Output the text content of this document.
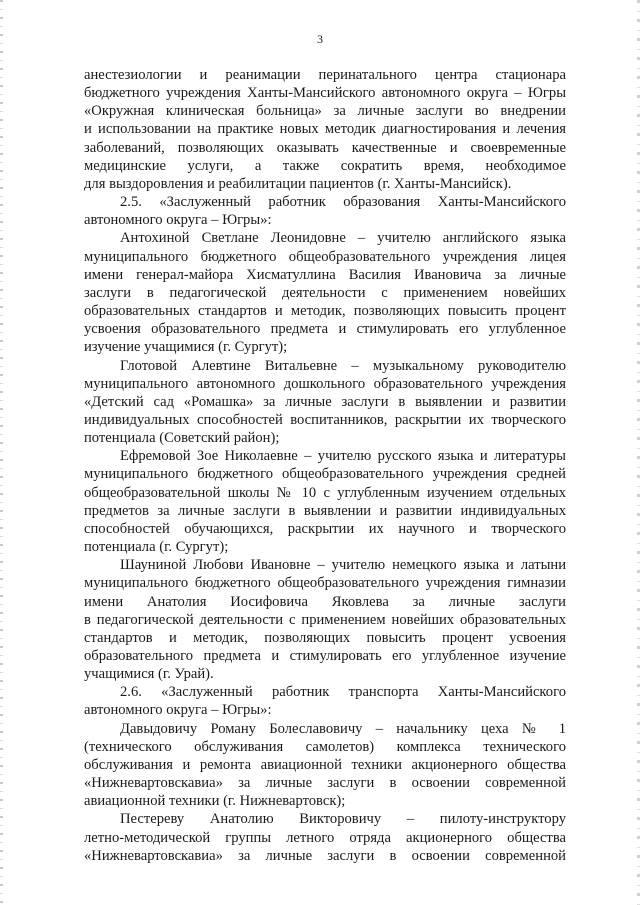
3

анестезиологии и реанимации перинатального центра стационара

бюджетного учреждения Ханты-Мансийского автономного округа – Югры

«Окружная клиническая больница» за личные заслуги во внедрении

и использовании на практике новых методик диагностирования и лечения

заболеваний, позволяющих оказывать качественные и своевременные

медицинские услуги, а также сократить время, необходимое

для выздоровления и реабилитации пациентов (г. Ханты-Мансийск).

2.5. «Заслуженный работник образования Ханты-Мансийского

автономного округа – Югры»:

Антохиной Светлане Леонидовне – учителю английского языка

муниципального бюджетного общеобразовательного учреждения лицея

имени генерал-майора Хисматуллина Василия Ивановича за личные

заслуги в педагогической деятельности с применением новейших

образовательных стандартов и методик, позволяющих повысить процент

усвоения образовательного предмета и стимулировать его углубленное

изучение учащимися (г. Сургут);

Глотовой Алевтине Витальевне – музыкальному руководителю

муниципального автономного дошкольного образовательного учреждения

«Детский сад «Ромашка» за личные заслуги в выявлении и развитии

индивидуальных способностей воспитанников, раскрытии их творческого

потенциала (Советский район);

Ефремовой Зое Николаевне – учителю русского языка и литературы

муниципального бюджетного общеобразовательного учреждения средней

общеобразовательной школы № 10 с углубленным изучением отдельных

предметов за личные заслуги в выявлении и развитии индивидуальных

способностей обучающихся, раскрытии их научного и творческого

потенциала (г. Сургут);

Шауниной Любови Ивановне – учителю немецкого языка и латыни

муниципального бюджетного общеобразовательного учреждения гимназии

имени Анатолия Иосифовича Яковлева за личные заслуги

в педагогической деятельности с применением новейших образовательных

стандартов и методик, позволяющих повысить процент усвоения

образовательного предмета и стимулировать его углубленное изучение

учащимися (г. Урай).

2.6. «Заслуженный работник транспорта Ханты-Мансийского

автономного округа – Югры»:

Давыдовичу Роману Болеславовичу – начальнику цеха № 1

(технического обслуживания самолетов) комплекса технического

обслуживания и ремонта авиационной техники акционерного общества

«Нижневартовскавиа» за личные заслуги в освоении современной

авиационной техники (г. Нижневартовск);

Пестереву Анатолию Викторовичу – пилоту-инструктору

летно-методической группы летного отряда акционерного общества

«Нижневартовскавиа» за личные заслуги в освоении современной
